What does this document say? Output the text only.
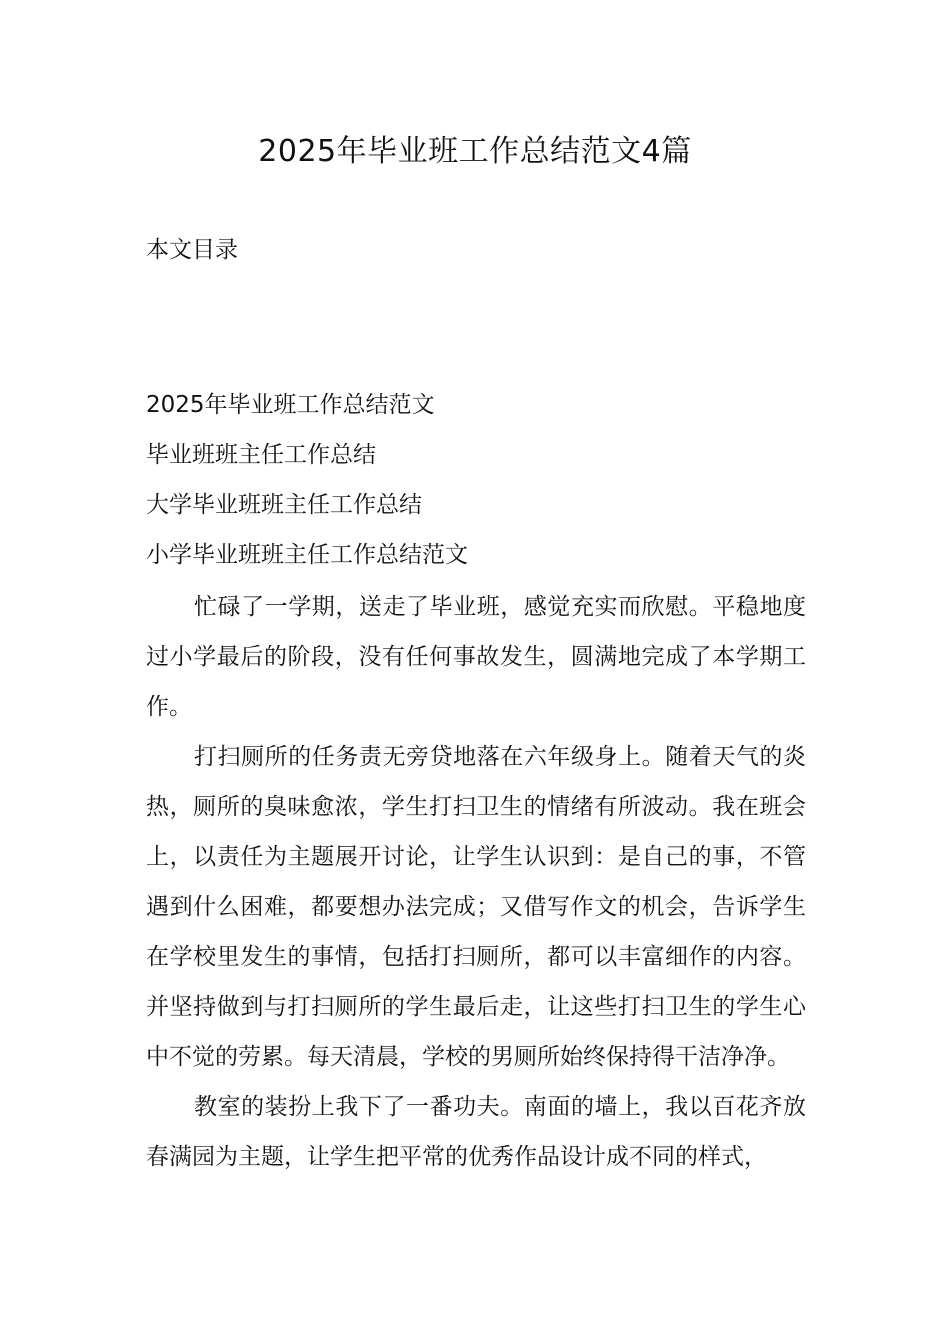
2025年毕业班工作总结范文4篇
本文目录
2025年毕业班工作总结范文
毕业班班主任工作总结
大学毕业班班主任工作总结
小学毕业班班主任工作总结范文

忙碌了一学期，送走了毕业班，感觉充实而欣慰。平稳地度过小学最后的阶段，没有任何事故发生，圆满地完成了本学期工作。

打扫厕所的任务责无旁贷地落在六年级身上。随着天气的炎热，厕所的臭味愈浓，学生打扫卫生的情绪有所波动。我在班会上，以责任为主题展开讨论，让学生认识到：是自己的事，不管遇到什么困难，都要想办法完成；又借写作文的机会，告诉学生在学校里发生的事情，包括打扫厕所，都可以丰富细作的内容。并坚持做到与打扫厕所的学生最后走，让这些打扫卫生的学生心中不觉的劳累。每天清晨，学校的男厕所始终保持得干洁净净。

教室的装扮上我下了一番功夫。南面的墙上，我以百花齐放春满园为主题，让学生把平常的优秀作品设计成不同的样式，
